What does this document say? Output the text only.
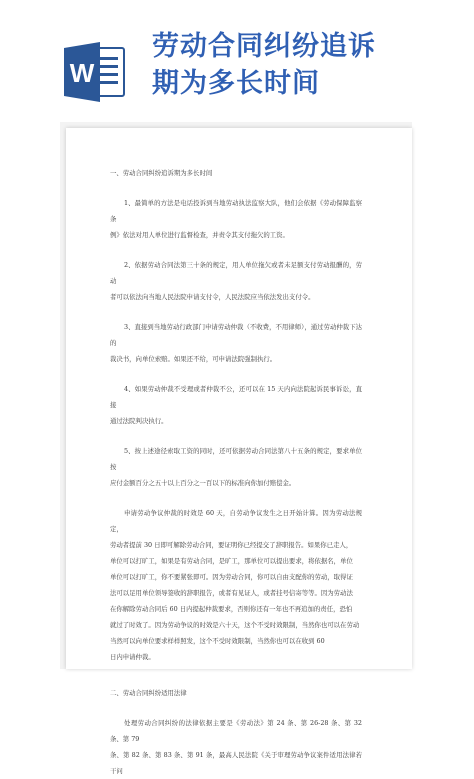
W
劳动合同纠纷追诉
期为多长时间

一、劳动合同纠纷追诉期为多长时间

1、最简单的方法是电话投诉到当地劳动执法监察大队，他们会依据《劳动保障监察条

例》依法对用人单位进行监督检查，并责令其支付拖欠的工资。

2、依据劳动合同法第三十条的规定，用人单位拖欠或者未足额支付劳动报酬的，劳动

者可以依法向当地人民法院申请支付令，人民法院应当依法发出支付令。

3、直接到当地劳动行政部门申请劳动仲裁（不收费，不用律师），通过劳动仲裁下达的

裁决书，向单位索赔。如果还不给，可申请法院强制执行。

4、如果劳动仲裁不受理或者仲裁不公，还可以在 15 天内向法院起诉民事诉讼，直接

通过法院判决执行。

5、按上述途径索取工资的同时，还可依据劳动合同法第八十五条的规定，要求单位按

应付金额百分之五十以上百分之一百以下的标准向你加付赔偿金。

申请劳动争议仲裁的时效是 60 天，自劳动争议发生之日开始计算。因为劳动法规定，

劳动者提前 30 日即可解除劳动合同，要证明你已经提交了辞职报告。如果你已走人，

单位可以打旷工，如果是有劳动合同，是旷工，那单位可以提出要求，将依据名，单位

单位可以打旷工，你不要紧张即可。因为劳动合同，你可以自由支配你的劳动，取得证

法可以足用单位领导签收的辞职报告，或者有见证人，或者挂号信寄等等。因为劳动法

在你解除劳动合同后 60 日内提起仲裁要求，否则你还有一年也不再追加的责任，恐怕

就过了时效了。因为劳动争议的时效是六十天，这个不受时效限制，当然你也可以在劳动

当然可以向单位要求样样照发，这个不受时效限制，当然你也可以在收到 60

日内申请仲裁。

二、劳动合同纠纷适用法律

处理劳动合同纠纷的法律依据主要是《劳动法》第 24 条、第 26-28 条、第 32 条、第 79

条、第 82 条、第 83 条、第 91 条，最高人民法院《关于审理劳动争议案件适用法律若干问
